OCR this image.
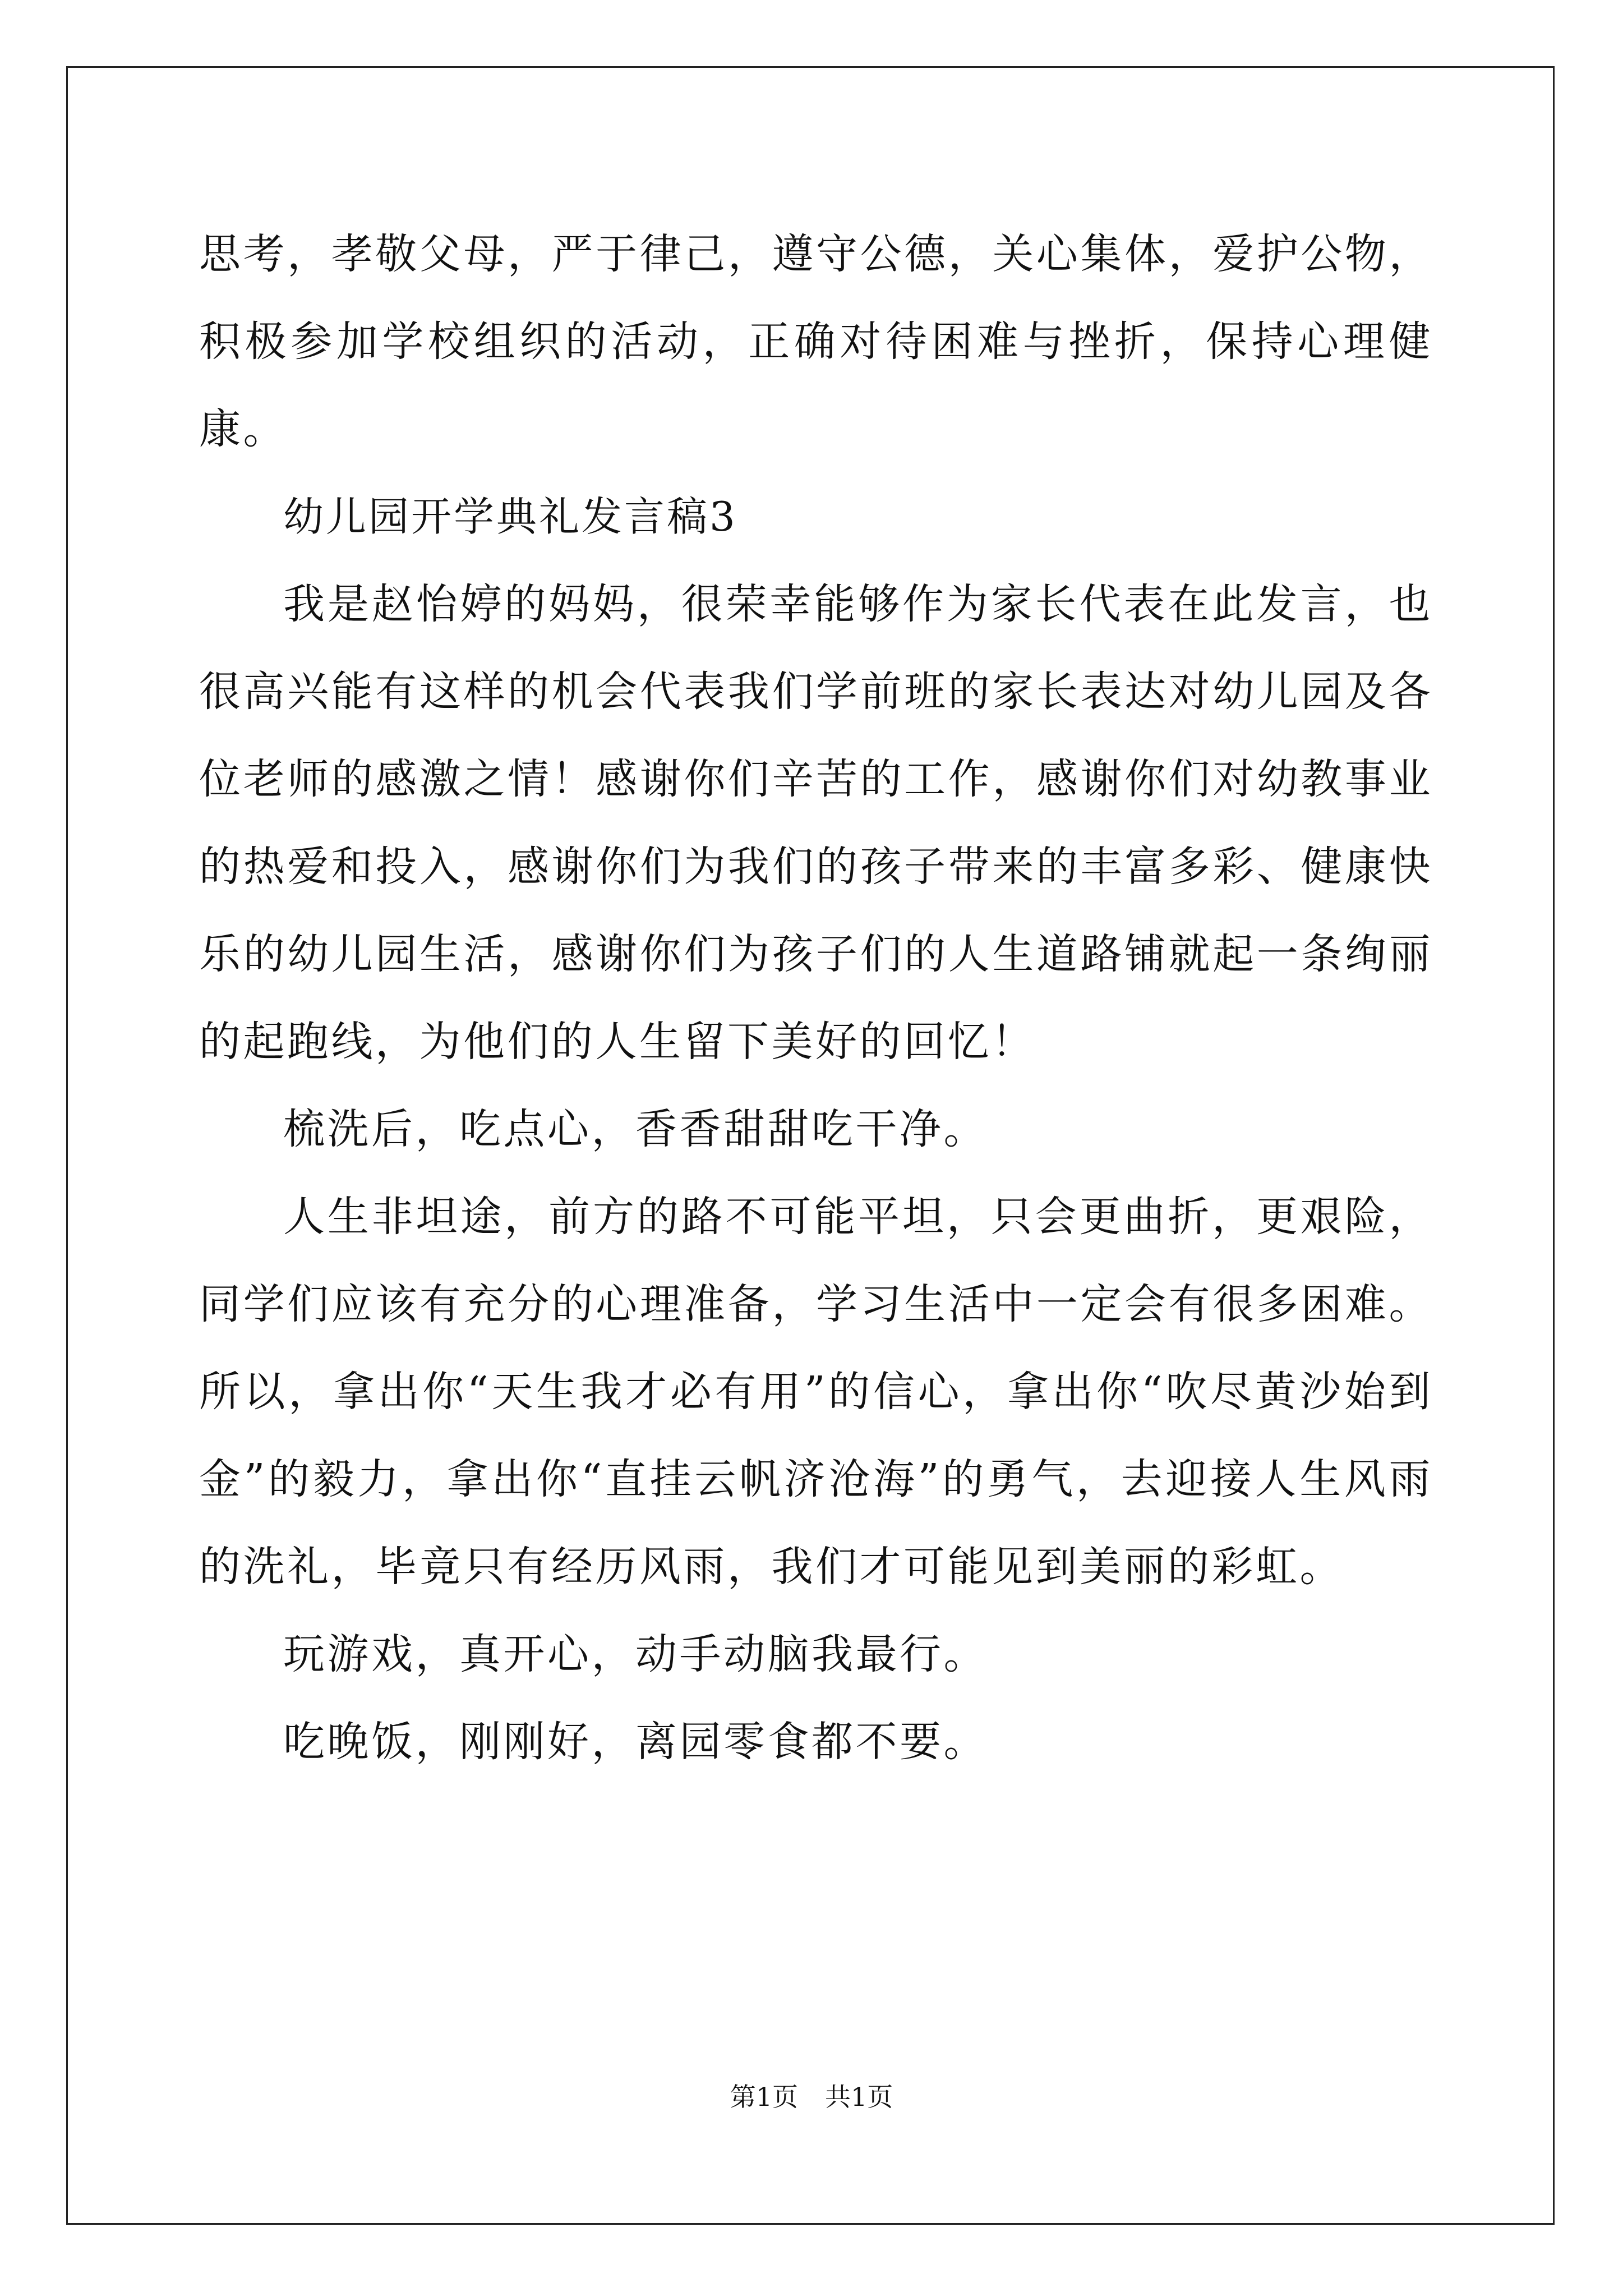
思考，孝敬父母，严于律己，遵守公德，关心集体，爱护公物，积极参加学校组织的活动，正确对待困难与挫折，保持心理健康。

幼儿园开学典礼发言稿3

我是赵怡婷的妈妈，很荣幸能够作为家长代表在此发言，也很高兴能有这样的机会代表我们学前班的家长表达对幼儿园及各位老师的感激之情！感谢你们辛苦的工作，感谢你们对幼教事业的热爱和投入，感谢你们为我们的孩子带来的丰富多彩、健康快乐的幼儿园生活，感谢你们为孩子们的人生道路铺就起一条绚丽的起跑线，为他们的人生留下美好的回忆！

梳洗后，吃点心，香香甜甜吃干净。

人生非坦途，前方的路不可能平坦，只会更曲折，更艰险，同学们应该有充分的心理准备，学习生活中一定会有很多困难。所以，拿出你“天生我才必有用”的信心，拿出你“吹尽黄沙始到金”的毅力，拿出你“直挂云帆济沧海”的勇气，去迎接人生风雨的洗礼，毕竟只有经历风雨，我们才可能见到美丽的彩虹。

玩游戏，真开心，动手动脑我最行。

吃晚饭，刚刚好，离园零食都不要。

第1页 共1页
